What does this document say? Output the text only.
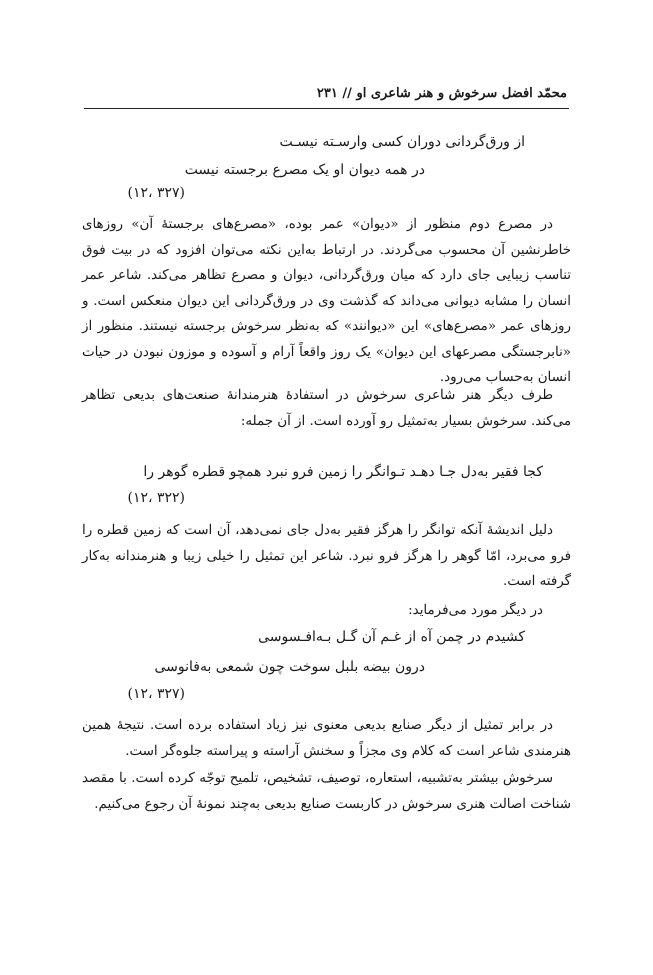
محمّد افضل سرخوش و هنر شاعری او // ۲۳۱
از ورق‌گردانی دوران کسی وارسـته نیسـت
در همه دیوان او یک مصرع برجسته نیست
(۳۲۷ ،۱۲)

در مصرع دوم منظور از «دیوان» عمر بوده، «مصرع‌های برجستهٔ آن» روزهای خاطرنشین آن محسوب می‌گردند. در ارتباط به‌این نکته می‌توان افزود که در بیت فوق تناسب زیبایی جای دارد که میان ورق‌گردانی، دیوان و مصرع تظاهر می‌کند. شاعر عمر انسان را مشابه دیوانی می‌داند که گذشت وی در ورق‌گردانی این دیوان منعکس است. و روزهای عمر «مصرع‌های» این «دیوانند» که به‌نظر سرخوش برجسته نیستند. منظور از «نابرجستگی مصرعهای این دیوان» یک روز واقعاً آرام و آسوده و موزون نبودن در حیات انسان به‌حساب می‌رود.

طرف دیگر هنر شاعری سرخوش در استفادهٔ هنرمندانهٔ صنعت‌های بدیعی تظاهر می‌کند. سرخوش بسیار به‌تمثیل رو آورده است. از آن جمله:

کجا فقیر به‌دل جـا دهـد تـوانگر را زمین فرو نبرد همچو قطره گوهر را
(۳۲۲ ،۱۲)

دلیل اندیشهٔ آنکه توانگر را هرگز فقیر به‌دل جای نمی‌دهد، آن است که زمین قطره را فرو می‌برد، امّا گوهر را هرگز فرو نبرد. شاعر این تمثیل را خیلی زیبا و هنرمندانه به‌کار گرفته است.

در دیگر مورد می‌فرماید:
کشیدم در چمن آه از غـم آن گـل بـه‌افـسوسی
درون بیضه بلبل سوخت چون شمعی به‌فانوسی
(۳۲۷ ،۱۲)

در برابر تمثیل از دیگر صنایع بدیعی معنوی نیز زیاد استفاده برده است. نتیجهٔ همین هنرمندی شاعر است که کلام وی مجزاً و سخنش آراسته و پیراسته جلوه‌گر است.

سرخوش بیشتر به‌تشبیه، استعاره، توصیف، تشخیص، تلمیح توجّه کرده است. با مقصد شناخت اصالت هنری سرخوش در کاربست صنایع بدیعی به‌چند نمونهٔ آن رجوع می‌کنیم.
